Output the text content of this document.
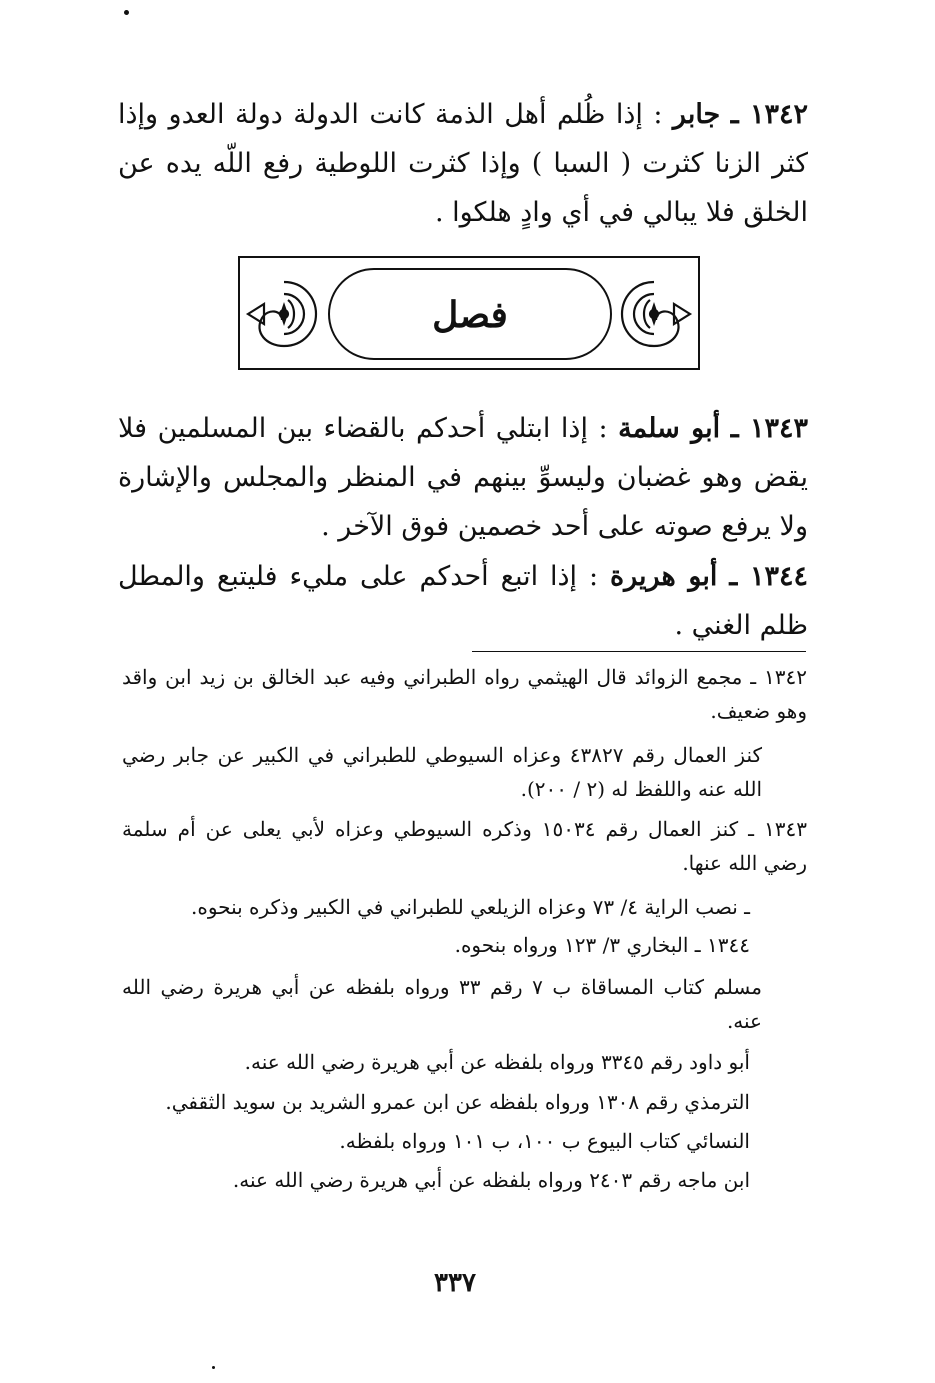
١٣٤٢ ـ جابر : إذا ظُلم أهل الذمة كانت الدولة دولة العدو وإذا كثر الزنا كثرت ( السبا ) وإذا كثرت اللوطية رفع اللّه يده عن الخلق فلا يبالي في أي وادٍ هلكوا .

فصل

١٣٤٣ ـ أبو سلمة : إذا ابتلي أحدكم بالقضاء بين المسلمين فلا يقض وهو غضبان وليسوِّ بينهم في المنظر والمجلس والإشارة ولا يرفع صوته على أحد خصمين فوق الآخر .

١٣٤٤ ـ أبو هريرة : إذا اتبع أحدكم على مليء فليتبع والمطل ظلم الغني .

١٣٤٢ ـ مجمع الزوائد قال الهيثمي رواه الطبراني وفيه عبد الخالق بن زيد ابن واقد وهو ضعيف.

كنز العمال رقم ٤٣٨٢٧ وعزاه السيوطي للطبراني في الكبير عن جابر رضي الله عنه واللفظ له (٢ / ٢٠٠).

١٣٤٣ ـ كنز العمال رقم ١٥٠٣٤ وذكره السيوطي وعزاه لأبي يعلى عن أم سلمة رضي الله عنها.

ـ نصب الراية ٤/ ٧٣ وعزاه الزيلعي للطبراني في الكبير وذكره بنحوه.

١٣٤٤ ـ البخاري ٣/ ١٢٣ ورواه بنحوه.

مسلم كتاب المساقاة ب ٧ رقم ٣٣ ورواه بلفظه عن أبي هريرة رضي الله عنه.

أبو داود رقم ٣٣٤٥ ورواه بلفظه عن أبي هريرة رضي الله عنه.

الترمذي رقم ١٣٠٨ ورواه بلفظه عن ابن عمرو الشريد بن سويد الثقفي.

النسائي كتاب البيوع ب ١٠٠، ب ١٠١ ورواه بلفظه.

ابن ماجه رقم ٢٤٠٣ ورواه بلفظه عن أبي هريرة رضي الله عنه.

٣٣٧
